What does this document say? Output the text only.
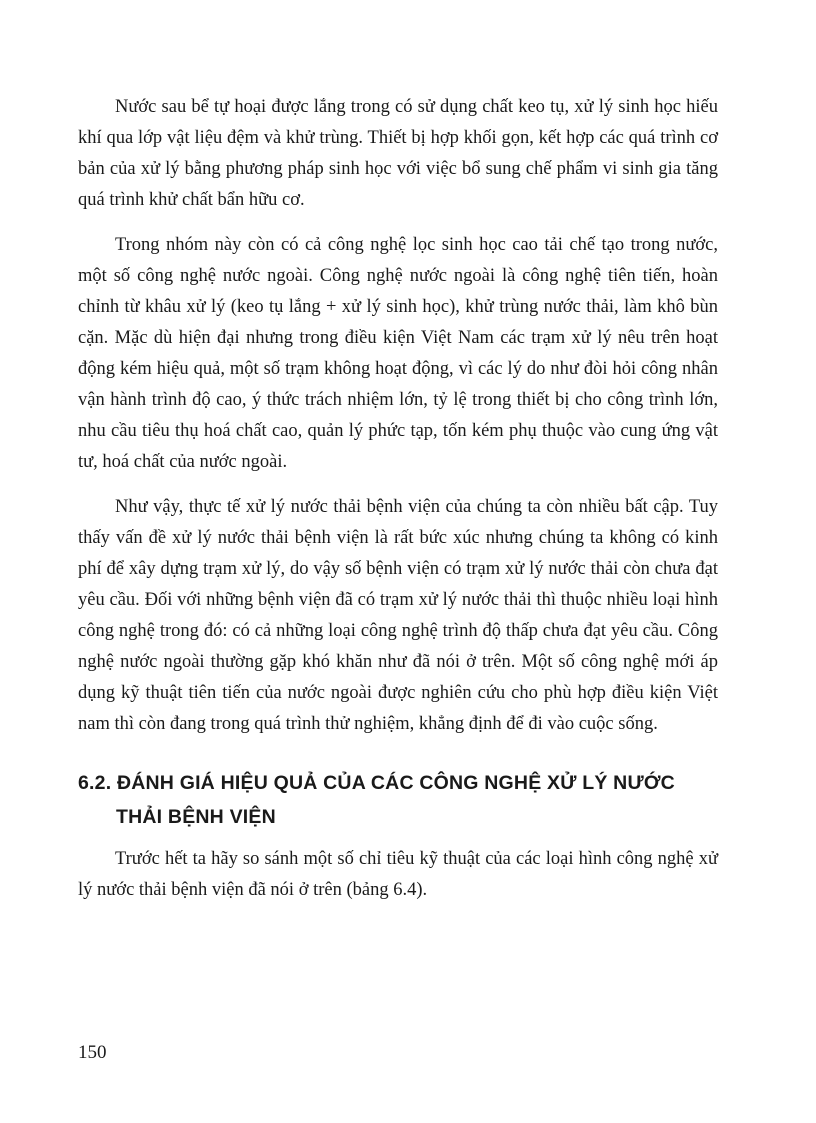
Nước sau bể tự hoại được lắng trong có sử dụng chất keo tụ, xử lý sinh học hiếu khí qua lớp vật liệu đệm và khử trùng. Thiết bị hợp khối gọn, kết hợp các quá trình cơ bản của xử lý bằng phương pháp sinh học với việc bổ sung chế phẩm vi sinh gia tăng quá trình khử chất bẩn hữu cơ.

Trong nhóm này còn có cả công nghệ lọc sinh học cao tải chế tạo trong nước, một số công nghệ nước ngoài. Công nghệ nước ngoài là công nghệ tiên tiến, hoàn chỉnh từ khâu xử lý (keo tụ lắng + xử lý sinh học), khử trùng nước thải, làm khô bùn cặn. Mặc dù hiện đại nhưng trong điều kiện Việt Nam các trạm xử lý nêu trên hoạt động kém hiệu quả, một số trạm không hoạt động, vì các lý do như đòi hỏi công nhân vận hành trình độ cao, ý thức trách nhiệm lớn, tỷ lệ trong thiết bị cho công trình lớn, nhu cầu tiêu thụ hoá chất cao, quản lý phức tạp, tốn kém phụ thuộc vào cung ứng vật tư, hoá chất của nước ngoài.

Như vậy, thực tế xử lý nước thải bệnh viện của chúng ta còn nhiều bất cập. Tuy thấy vấn đề xử lý nước thải bệnh viện là rất bức xúc nhưng chúng ta không có kinh phí để xây dựng trạm xử lý, do vậy số bệnh viện có trạm xử lý nước thải còn chưa đạt yêu cầu. Đối với những bệnh viện đã có trạm xử lý nước thải thì thuộc nhiều loại hình công nghệ trong đó: có cả những loại công nghệ trình độ thấp chưa đạt yêu cầu. Công nghệ nước ngoài thường gặp khó khăn như đã nói ở trên. Một số công nghệ mới áp dụng kỹ thuật tiên tiến của nước ngoài được nghiên cứu cho phù hợp điều kiện Việt nam thì còn đang trong quá trình thử nghiệm, khẳng định để đi vào cuộc sống.

6.2. ĐÁNH GIÁ HIỆU QUẢ CỦA CÁC CÔNG NGHỆ XỬ LÝ NƯỚC
THẢI BỆNH VIỆN

Trước hết ta hãy so sánh một số chỉ tiêu kỹ thuật của các loại hình công nghệ xử lý nước thải bệnh viện đã nói ở trên (bảng 6.4).

150
